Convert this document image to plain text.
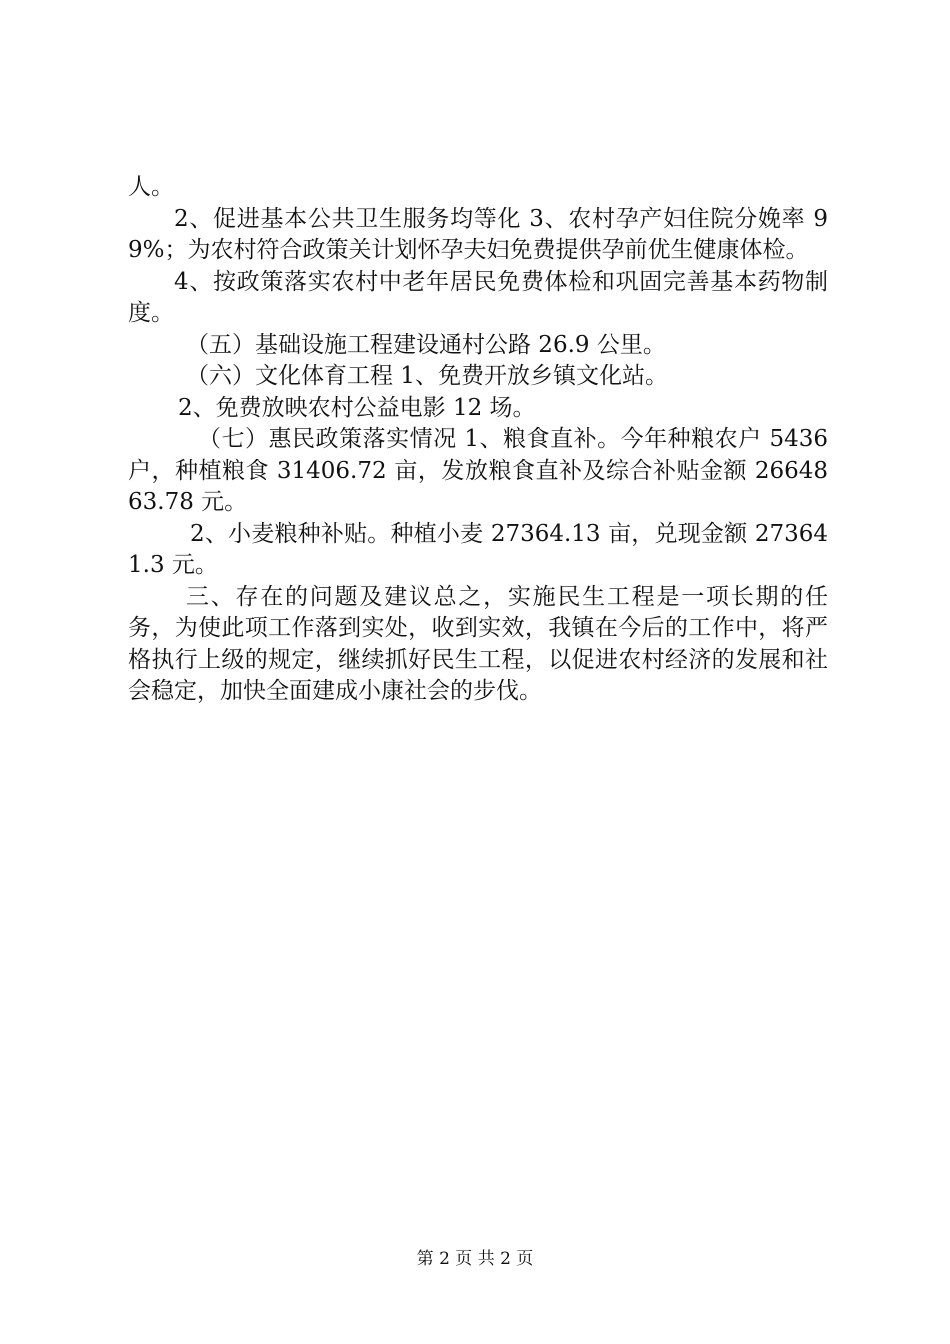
人。

2、促进基本公共卫生服务均等化 3、农村孕产妇住院分娩率 99%；为农村符合政策关计划怀孕夫妇免费提供孕前优生健康体检。

4、按政策落实农村中老年居民免费体检和巩固完善基本药物制度。

（五）基础设施工程建设通村公路 26.9 公里。

（六）文化体育工程 1、免费开放乡镇文化站。

2、免费放映农村公益电影 12 场。

（七）惠民政策落实情况 1、粮食直补。今年种粮农户 5436 户，种植粮食 31406.72 亩，发放粮食直补及综合补贴金额 2664863.78 元。

2、小麦粮种补贴。种植小麦 27364.13 亩，兑现金额 273641.3 元。

三、存在的问题及建议总之，实施民生工程是一项长期的任务，为使此项工作落到实处，收到实效，我镇在今后的工作中，将严格执行上级的规定，继续抓好民生工程，以促进农村经济的发展和社会稳定，加快全面建成小康社会的步伐。

第 2 页 共 2 页
